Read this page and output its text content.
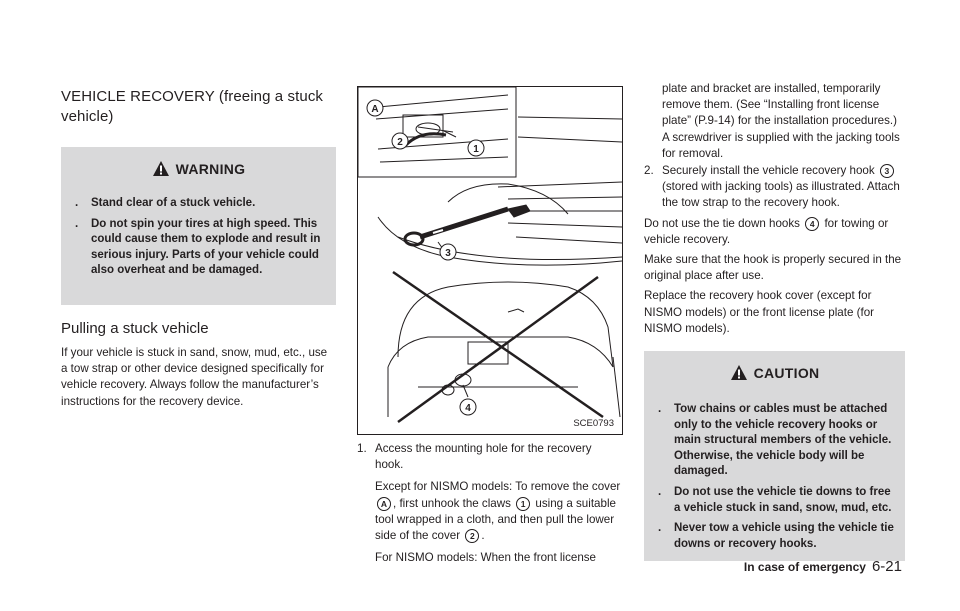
VEHICLE RECOVERY (freeing a stuck vehicle)
WARNING
. Stand clear of a stuck vehicle.
. Do not spin your tires at high speed. This could cause them to explode and result in serious injury. Parts of your vehicle could also overheat and be damaged.
Pulling a stuck vehicle

If your vehicle is stuck in sand, snow, mud, etc., use a tow strap or other device designed specifically for vehicle recovery. Always follow the manufacturer’s instructions for the recovery device.

A
2
1
3
4
SCE0793
1. Access the mounting hole for the recovery hook.
Except for NISMO models: To remove the cover A , first unhook the claws 1 using a suitable tool wrapped in a cloth, and then pull the lower side of the cover 2 .
For NISMO models: When the front license
plate and bracket are installed, temporarily remove them. (See “Installing front license plate” (P.9-14) for the installation procedures.) A screwdriver is supplied with the jacking tools for removal.
2. Securely install the vehicle recovery hook 3 (stored with jacking tools) as illustrated. Attach the tow strap to the recovery hook.

Do not use the tie down hooks 4 for towing or vehicle recovery.

Make sure that the hook is properly secured in the original place after use.

Replace the recovery hook cover (except for NISMO models) or the front license plate (for NISMO models).

CAUTION
. Tow chains or cables must be attached only to the vehicle recovery hooks or main structural members of the vehicle. Otherwise, the vehicle body will be damaged.
. Do not use the vehicle tie downs to free a vehicle stuck in sand, snow, mud, etc.
. Never tow a vehicle using the vehicle tie downs or recovery hooks.
In case of emergency 6-21
